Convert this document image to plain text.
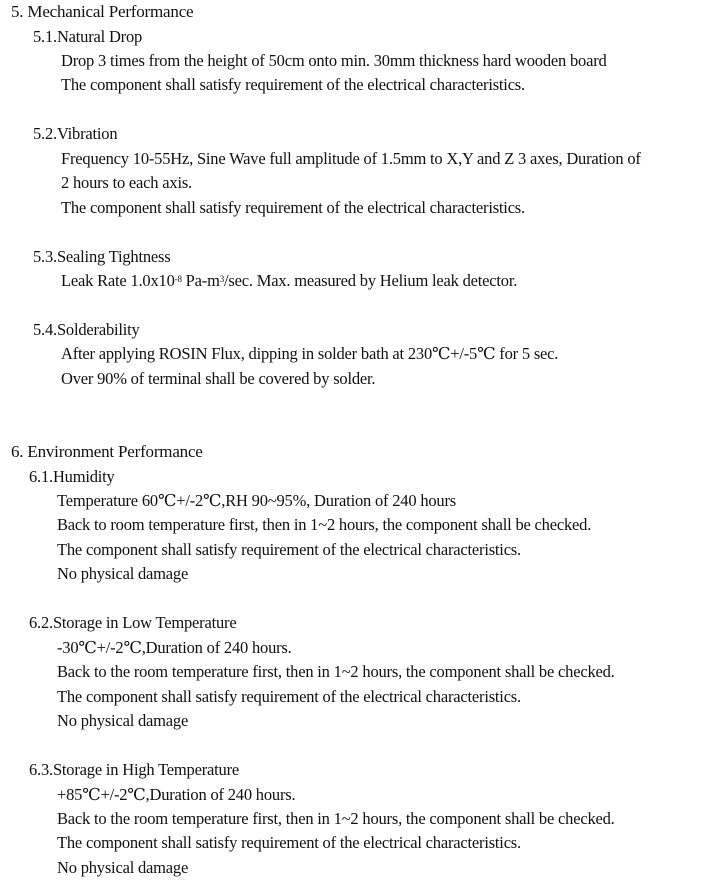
5. Mechanical Performance
5.1.Natural Drop
Drop 3 times from the height of 50cm onto min. 30mm thickness hard wooden board
The component shall satisfy requirement of the electrical characteristics.
5.2.Vibration
Frequency 10-55Hz, Sine Wave full amplitude of 1.5mm to X,Y and Z 3 axes, Duration of
2 hours to each axis.
The component shall satisfy requirement of the electrical characteristics.
5.3.Sealing Tightness
Leak Rate $1.0x10^{-8}$ $Pa-m^3/\sec$. Max. measured by Helium leak detector.
5.4.Solderability
After applying ROSIN Flux, dipping in solder bath at 230℃+/-5℃ for 5 sec.
Over 90% of terminal shall be covered by solder.
6. Environment Performance
6.1.Humidity
Temperature 60℃+/-2℃,RH 90~95%, Duration of 240 hours
Back to room temperature first, then in 1~2 hours, the component shall be checked.
The component shall satisfy requirement of the electrical characteristics.
No physical damage
6.2.Storage in Low Temperature
-30℃+/-2℃,Duration of 240 hours.
Back to the room temperature first, then in 1~2 hours, the component shall be checked.
The component shall satisfy requirement of the electrical characteristics.
No physical damage
6.3.Storage in High Temperature
+85℃+/-2℃,Duration of 240 hours.
Back to the room temperature first, then in 1~2 hours, the component shall be checked.
The component shall satisfy requirement of the electrical characteristics.
No physical damage
